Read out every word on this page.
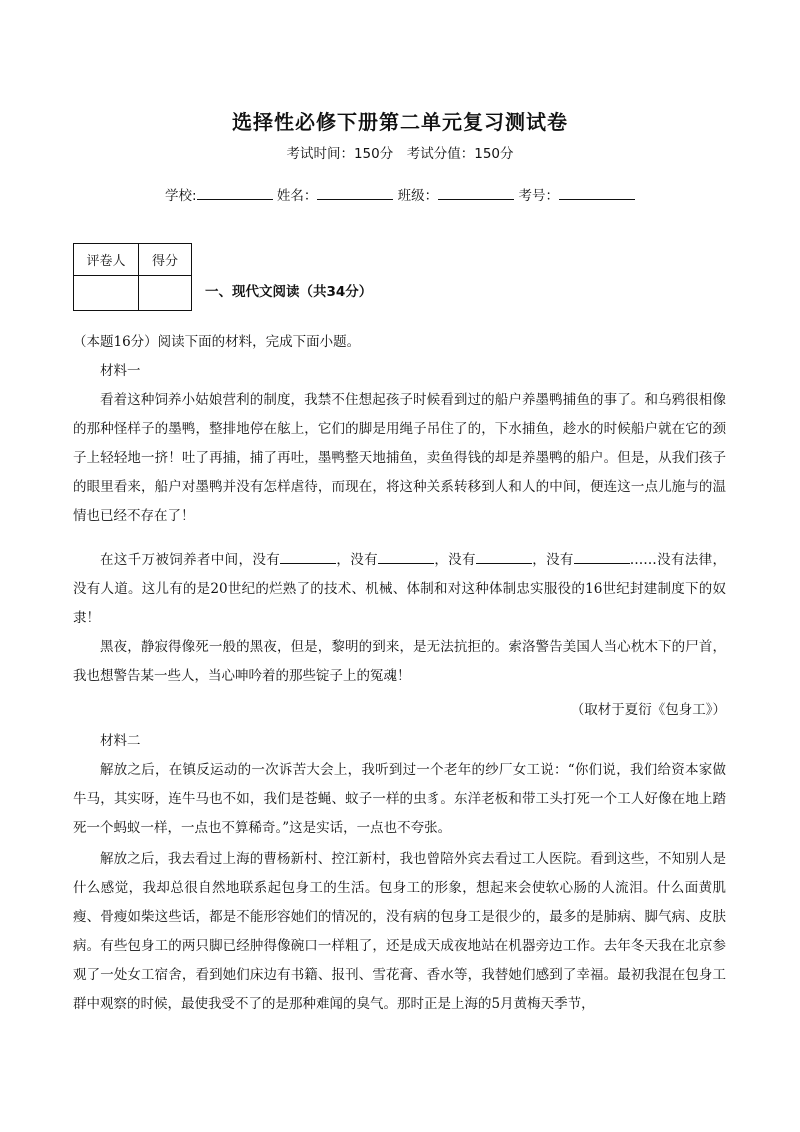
选择性必修下册第二单元复习测试卷
考试时间：150分　考试分值：150分
学校:	姓名：	班级：	考号：
评卷人	得分

一、现代文阅读（共34分）
（本题16分）阅读下面的材料，完成下面小题。
材料一
看着这种饲养小姑娘营利的制度，我禁不住想起孩子时候看到过的船户养墨鸭捕鱼的事了。和乌鸦很相像的那种怪样子的墨鸭，整排地停在舷上，它们的脚是用绳子吊住了的，下水捕鱼，趁水的时候船户就在它的颈子上轻轻地一挤！吐了再捕，捕了再吐，墨鸭整天地捕鱼，卖鱼得钱的却是养墨鸭的船户。但是，从我们孩子的眼里看来，船户对墨鸭并没有怎样虐待，而现在，将这种关系转移到人和人的中间，便连这一点儿施与的温情也已经不存在了！
在这千万被饲养者中间，没有	，没有	，没有	，没有	……没有法律，没有人道。这儿有的是20世纪的烂熟了的技术、机械、体制和对这种体制忠实服役的16世纪封建制度下的奴隶！
黑夜，静寂得像死一般的黑夜，但是，黎明的到来，是无法抗拒的。索洛警告美国人当心枕木下的尸首，我也想警告某一些人，当心呻吟着的那些锭子上的冤魂！
（取材于夏衍《包身工》）
材料二
解放之后，在镇反运动的一次诉苦大会上，我听到过一个老年的纱厂女工说：“你们说，我们给资本家做牛马，其实呀，连牛马也不如，我们是苍蝇、蚊子一样的虫豸。东洋老板和带工头打死一个工人好像在地上踏死一个蚂蚁一样，一点也不算稀奇。”这是实话，一点也不夸张。
解放之后，我去看过上海的曹杨新村、控江新村，我也曾陪外宾去看过工人医院。看到这些，不知别人是什么感觉，我却总很自然地联系起包身工的生活。包身工的形象，想起来会使软心肠的人流泪。什么面黄肌瘦、骨瘦如柴这些话，都是不能形容她们的情况的，没有病的包身工是很少的，最多的是肺病、脚气病、皮肤病。有些包身工的两只脚已经肿得像碗口一样粗了，还是成天成夜地站在机器旁边工作。去年冬天我在北京参观了一处女工宿舍，看到她们床边有书籍、报刊、雪花膏、香水等，我替她们感到了幸福。最初我混在包身工群中观察的时候，最使我受不了的是那种难闻的臭气。那时正是上海的5月黄梅天季节，
